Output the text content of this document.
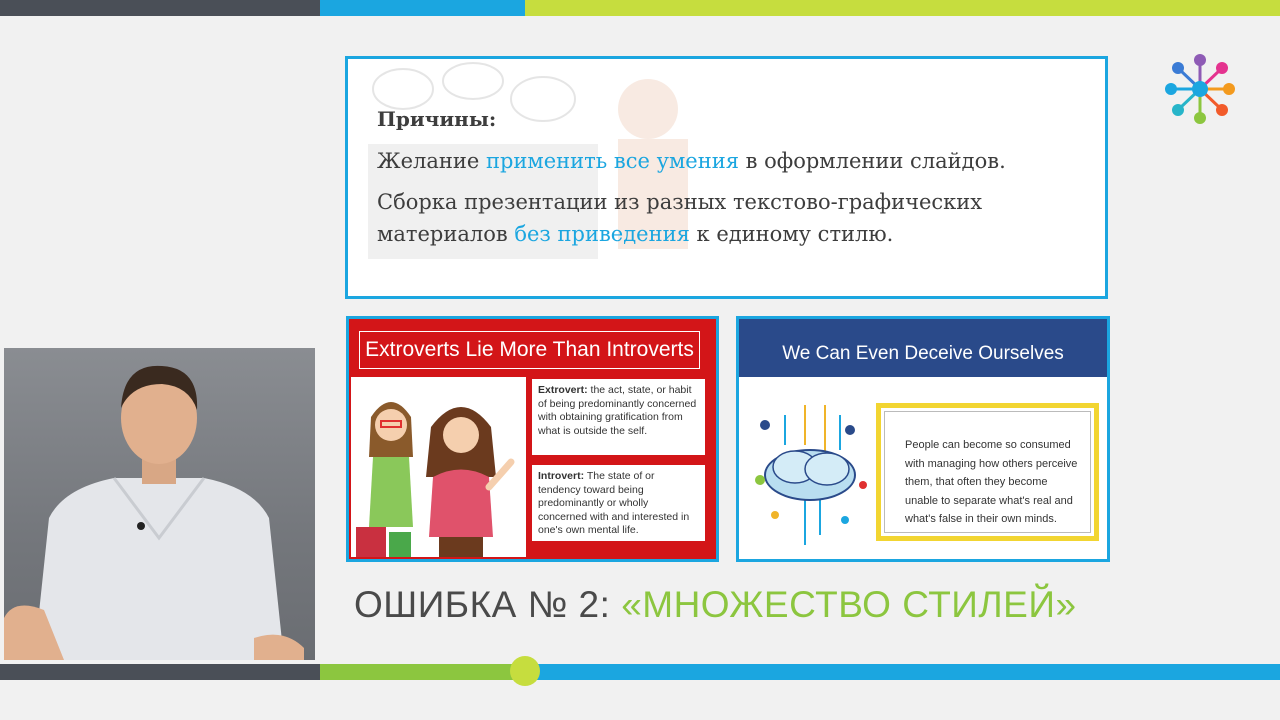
Причины:
Желание применить все умения в оформлении слайдов.
Сборка презентации из разных текстово-графических
материалов без приведения к единому стилю.
Extroverts Lie More Than Introverts
Extrovert: the act, state, or habit of being predominantly concerned with obtaining gratification from what is outside the self.
Introvert: The state of or tendency toward being predominantly or wholly concerned with and interested in one's own mental life.
We Can Even Deceive Ourselves
People can become so consumed with managing how others perceive them, that often they become unable to separate what's real and what's false in their own minds.
ОШИБКА № 2: «МНОЖЕСТВО СТИЛЕЙ»
